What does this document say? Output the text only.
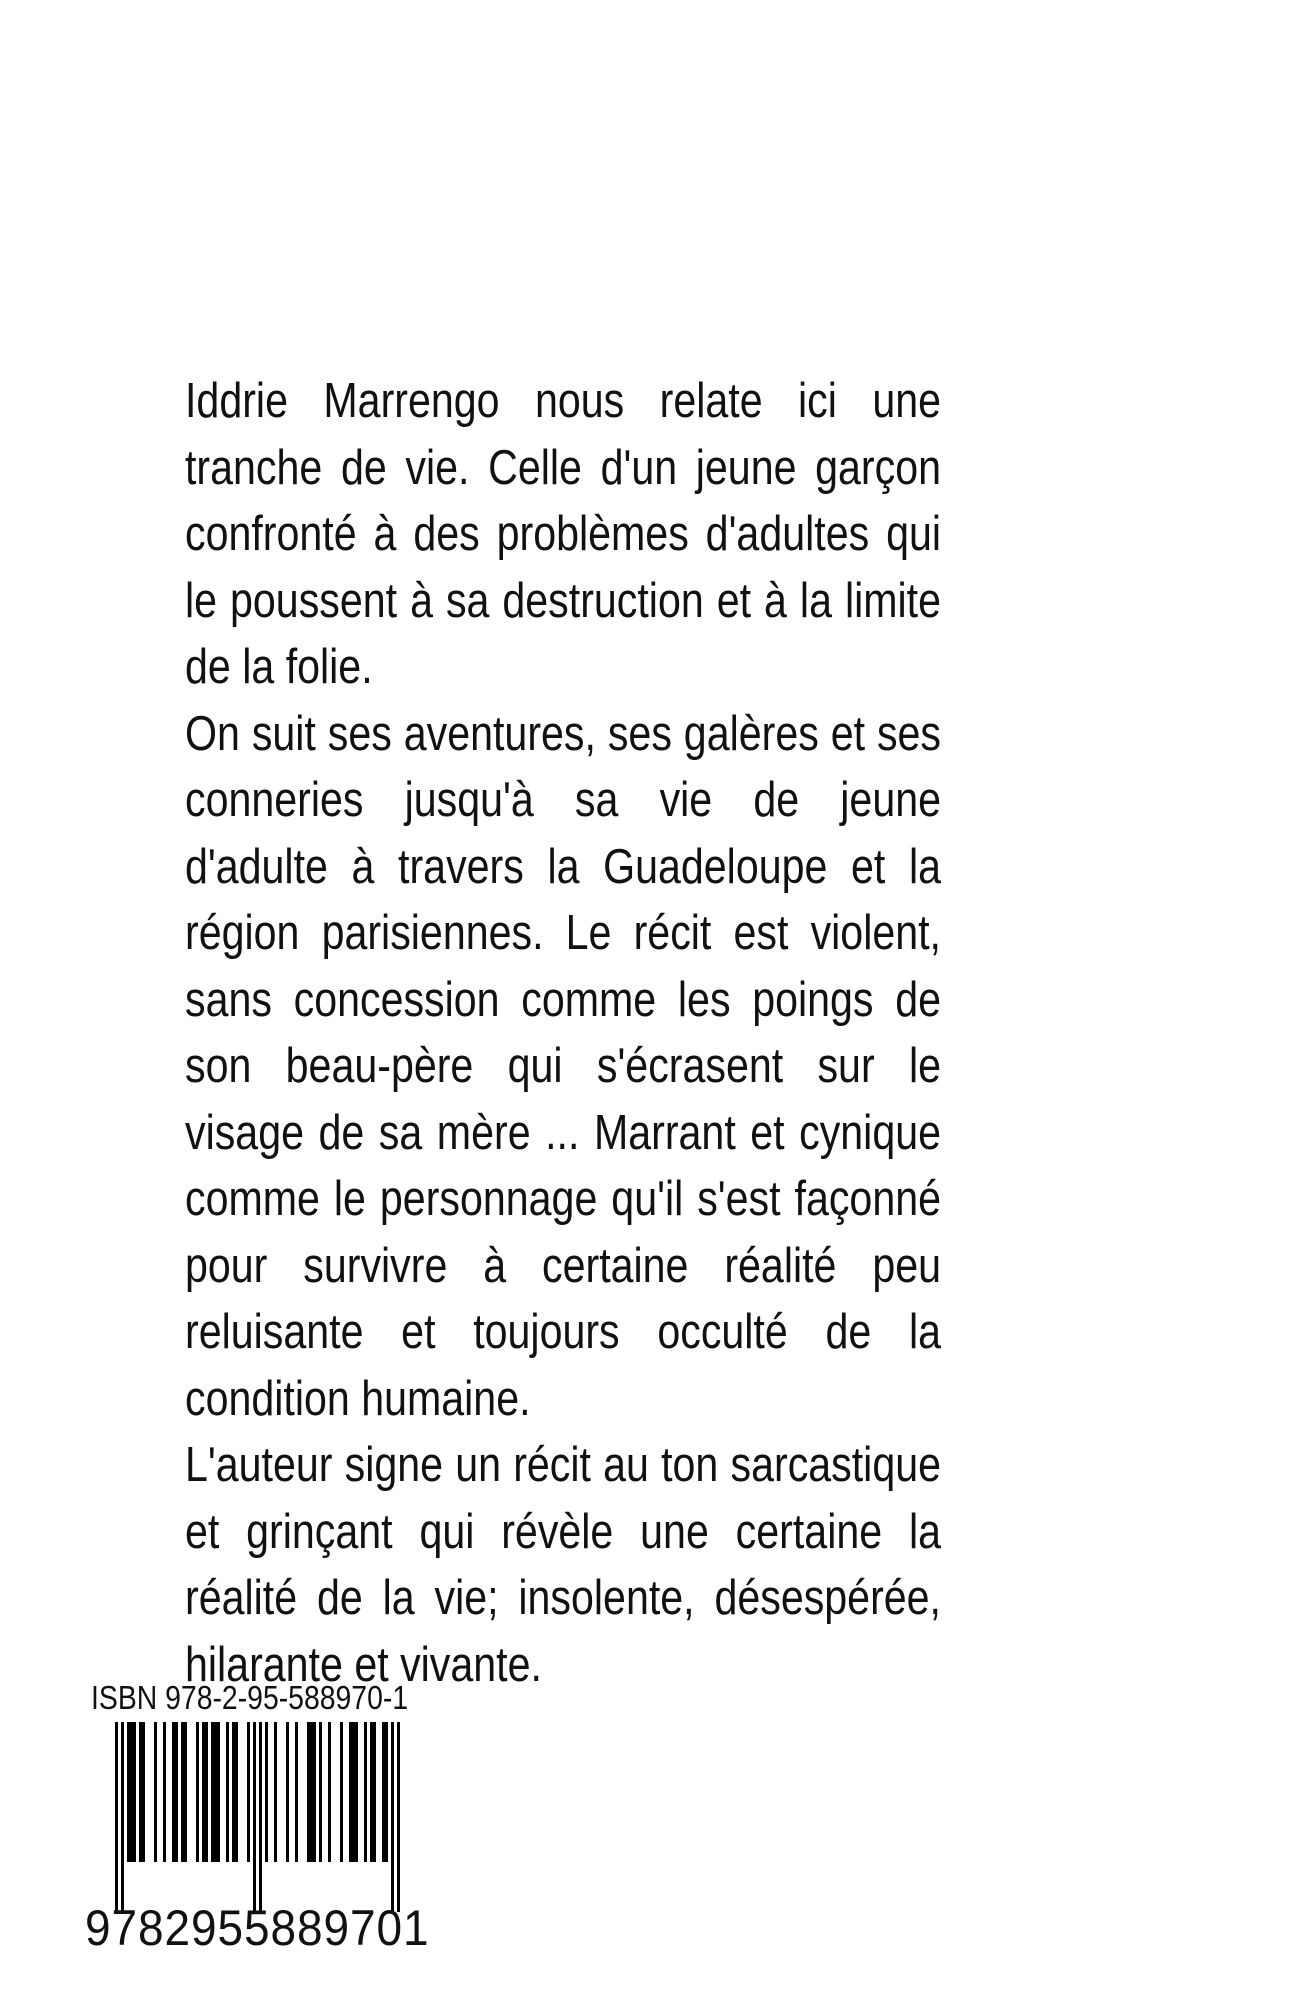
Iddrie Marrengo nous relate ici une tranche de vie. Celle d'un jeune garçon confronté à des problèmes d'adultes qui le poussent à sa destruction et à la limite de la folie.

On suit ses aventures, ses galères et ses conneries jusqu'à sa vie de jeune d'adulte à travers la Guadeloupe et la région parisiennes. Le récit est violent, sans concession comme les poings de son beau-père qui s'écrasent sur le visage de sa mère ... Marrant et cynique comme le personnage qu'il s'est façonné pour survivre à certaine réalité peu reluisante et toujours occulté de la condition humaine.

L'auteur signe un récit au ton sarcastique et grinçant qui révèle une certaine la réalité de la vie; insolente, désespérée, hilarante et vivante.

ISBN 978-2-95-588970-1
9782955889701
